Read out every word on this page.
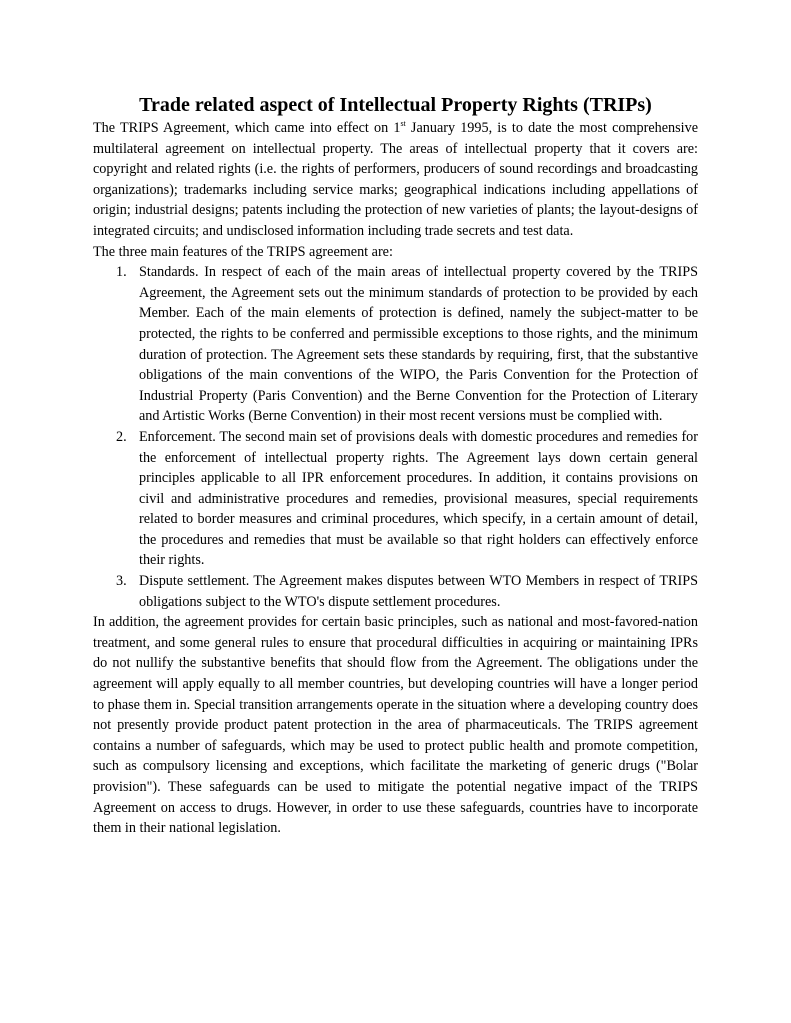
Trade related aspect of Intellectual Property Rights (TRIPs)

The TRIPS Agreement, which came into effect on 1st January 1995, is to date the most comprehensive multilateral agreement on intellectual property. The areas of intellectual property that it covers are: copyright and related rights (i.e. the rights of performers, producers of sound recordings and broadcasting organizations); trademarks including service marks; geographical indications including appellations of origin; industrial designs; patents including the protection of new varieties of plants; the layout-designs of integrated circuits; and undisclosed information including trade secrets and test data.

The three main features of the TRIPS agreement are:

1. Standards. In respect of each of the main areas of intellectual property covered by the TRIPS Agreement, the Agreement sets out the minimum standards of protection to be provided by each Member. Each of the main elements of protection is defined, namely the subject-matter to be protected, the rights to be conferred and permissible exceptions to those rights, and the minimum duration of protection. The Agreement sets these standards by requiring, first, that the substantive obligations of the main conventions of the WIPO, the Paris Convention for the Protection of Industrial Property (Paris Convention) and the Berne Convention for the Protection of Literary and Artistic Works (Berne Convention) in their most recent versions must be complied with.
2. Enforcement. The second main set of provisions deals with domestic procedures and remedies for the enforcement of intellectual property rights. The Agreement lays down certain general principles applicable to all IPR enforcement procedures. In addition, it contains provisions on civil and administrative procedures and remedies, provisional measures, special requirements related to border measures and criminal procedures, which specify, in a certain amount of detail, the procedures and remedies that must be available so that right holders can effectively enforce their rights.
3. Dispute settlement. The Agreement makes disputes between WTO Members in respect of TRIPS obligations subject to the WTO's dispute settlement procedures.

In addition, the agreement provides for certain basic principles, such as national and most-favored-nation treatment, and some general rules to ensure that procedural difficulties in acquiring or maintaining IPRs do not nullify the substantive benefits that should flow from the Agreement. The obligations under the agreement will apply equally to all member countries, but developing countries will have a longer period to phase them in. Special transition arrangements operate in the situation where a developing country does not presently provide product patent protection in the area of pharmaceuticals. The TRIPS agreement contains a number of safeguards, which may be used to protect public health and promote competition, such as compulsory licensing and exceptions, which facilitate the marketing of generic drugs ("Bolar provision"). These safeguards can be used to mitigate the potential negative impact of the TRIPS Agreement on access to drugs. However, in order to use these safeguards, countries have to incorporate them in their national legislation.
